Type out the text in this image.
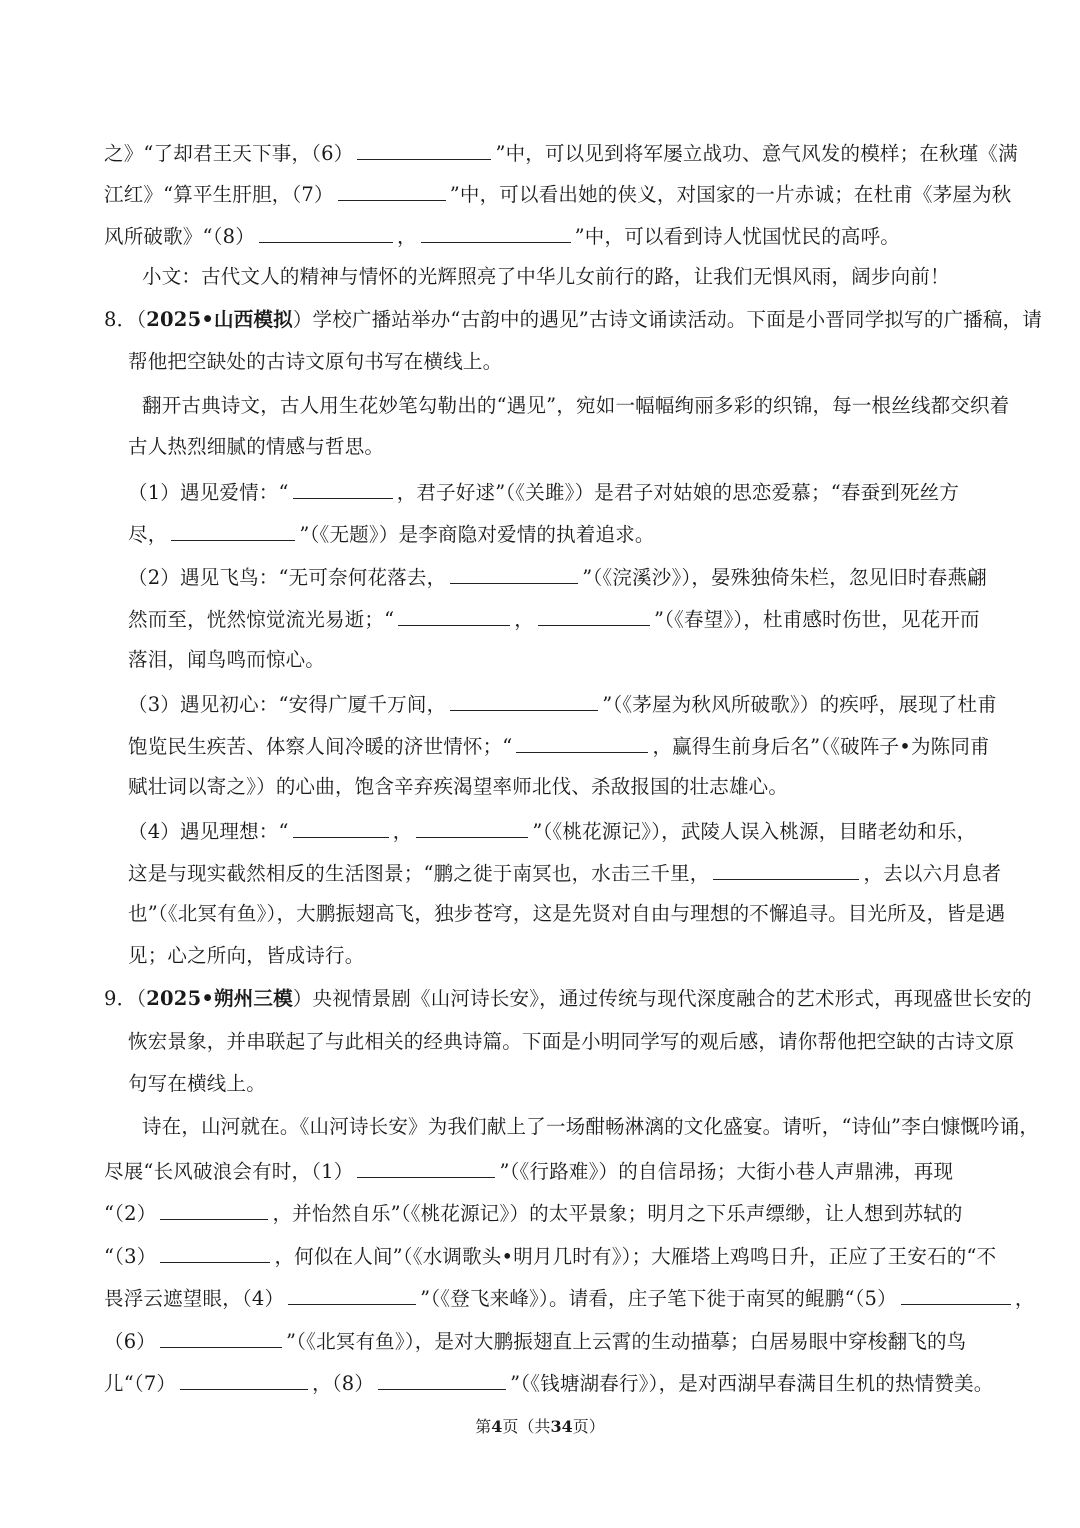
之》“了却君王天下事，（6）	”中，可以见到将军屡立战功、意气风发的模样；在秋瑾《满
江红》“算平生肝胆，（7）	”中，可以看出她的侠义，对国家的一片赤诚；在杜甫《茅屋为秋
风所破歌》“（8）	，	”中，可以看到诗人忧国忧民的高呼。
小文：古代文人的精神与情怀的光辉照亮了中华儿女前行的路，让我们无惧风雨，阔步向前！
8．（2025•山西模拟）学校广播站举办“古韵中的遇见”古诗文诵读活动。下面是小晋同学拟写的广播稿，请
帮他把空缺处的古诗文原句书写在横线上。
翻开古典诗文，古人用生花妙笔勾勒出的“遇见”，宛如一幅幅绚丽多彩的织锦，每一根丝线都交织着
古人热烈细腻的情感与哲思。
（1）遇见爱情：“	，君子好逑”（《关雎》）是君子对姑娘的思恋爱慕；“春蚕到死丝方
尽，	”（《无题》）是李商隐对爱情的执着追求。
（2）遇见飞鸟：“无可奈何花落去，	”（《浣溪沙》），晏殊独倚朱栏，忽见旧时春燕翩
然而至，恍然惊觉流光易逝；“	，	”（《春望》），杜甫感时伤世，见花开而
落泪，闻鸟鸣而惊心。
（3）遇见初心：“安得广厦千万间，	”（《茅屋为秋风所破歌》）的疾呼，展现了杜甫
饱览民生疾苦、体察人间冷暖的济世情怀；“	，赢得生前身后名”（《破阵子•为陈同甫
赋壮词以寄之》）的心曲，饱含辛弃疾渴望率师北伐、杀敌报国的壮志雄心。
（4）遇见理想：“	，	”（《桃花源记》），武陵人误入桃源，目睹老幼和乐，
这是与现实截然相反的生活图景；“鹏之徙于南冥也，水击三千里，	，去以六月息者
也”（《北冥有鱼》），大鹏振翅高飞，独步苍穹，这是先贤对自由与理想的不懈追寻。目光所及，皆是遇
见；心之所向，皆成诗行。
9．（2025•朔州三模）央视情景剧《山河诗长安》，通过传统与现代深度融合的艺术形式，再现盛世长安的
恢宏景象，并串联起了与此相关的经典诗篇。下面是小明同学写的观后感，请你帮他把空缺的古诗文原
句写在横线上。
诗在，山河就在。《山河诗长安》为我们献上了一场酣畅淋漓的文化盛宴。请听，“诗仙”李白慷慨吟诵，
尽展“长风破浪会有时，（1）	”（《行路难》）的自信昂扬；大街小巷人声鼎沸，再现
“（2）	，并怡然自乐”（《桃花源记》）的太平景象；明月之下乐声缥缈，让人想到苏轼的
“（3）	，何似在人间”（《水调歌头•明月几时有》）；大雁塔上鸡鸣日升，正应了王安石的“不
畏浮云遮望眼，（4）	”（《登飞来峰》）。请看，庄子笔下徙于南冥的鲲鹏“（5）	，
（6）	”（《北冥有鱼》），是对大鹏振翅直上云霄的生动描摹；白居易眼中穿梭翻飞的鸟
儿“（7）	，（8）	”（《钱塘湖春行》），是对西湖早春满目生机的热情赞美。
第4页（共34页）
